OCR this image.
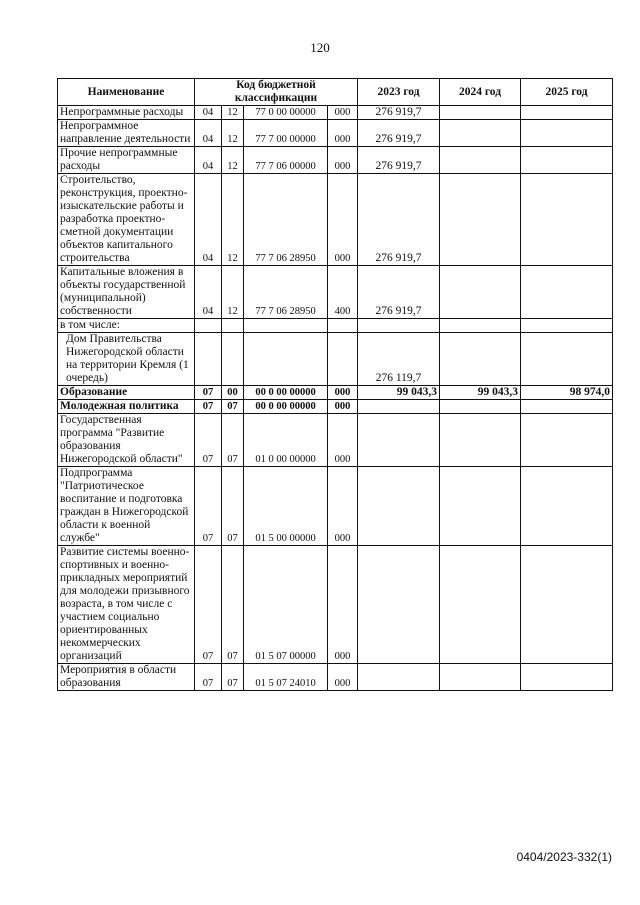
120
Наименование	Код бюджетной классификации				2023 год	2024 год	2025 год
Непрограммные расходы	04	12	77 0 00 00000	000	276 919,7		
Непрограммное направление деятельности	04	12	77 7 00 00000	000	276 919,7		
Прочие непрограммные расходы	04	12	77 7 06 00000	000	276 919,7		
Строительство, реконструкция, проектно-изыскательские работы и разработка проектно-сметной документации объектов капитального строительства	04	12	77 7 06 28950	000	276 919,7		
Капитальные вложения в объекты государственной (муниципальной) собственности	04	12	77 7 06 28950	400	276 919,7		
в том числе:							
Дом Правительства Нижегородской области на территории Кремля (1 очередь)					276 119,7		
Образование	07	00	00 0 00 00000	000	99 043,3	99 043,3	98 974,0
Молодежная политика	07	07	00 0 00 00000	000			
Государственная программа "Развитие образования Нижегородской области"	07	07	01 0 00 00000	000			
Подпрограмма "Патриотическое воспитание и подготовка граждан в Нижегородской области к военной службе"	07	07	01 5 00 00000	000			
Развитие системы военно-спортивных и военно-прикладных мероприятий для молодежи призывного возраста, в том числе с участием социально ориентированных некоммерческих организаций	07	07	01 5 07 00000	000			
Мероприятия в области образования	07	07	01 5 07 24010	000			
0404/2023-332(1)
